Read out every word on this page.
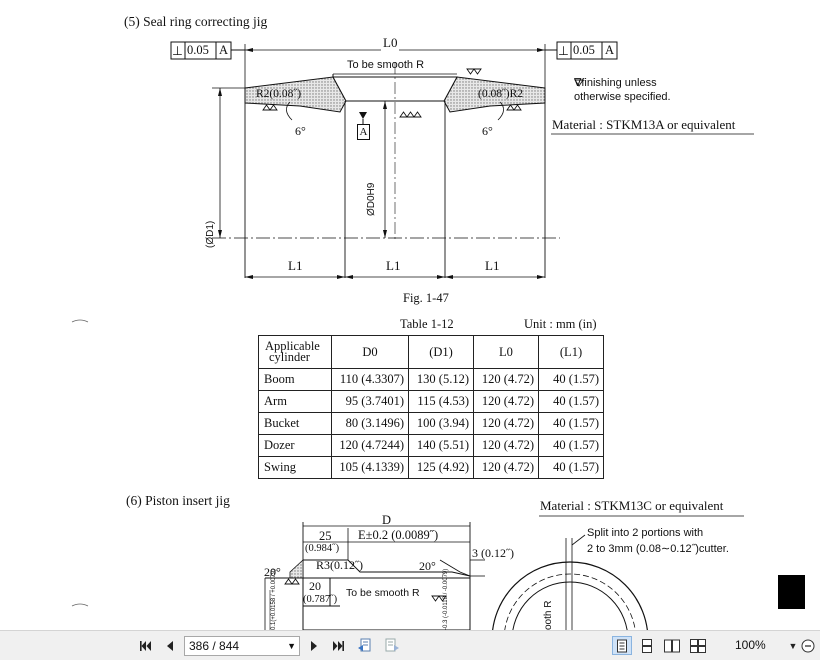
(5) Seal ring correcting jig
⊥ 0.05 A	⊥ 0.05 A
L0
To be smooth R
R2(0.08˝)	(0.08˝)R2
6°	6°
A
ØD0H9
(ØD1)
L1	L1	L1
∇finishing unless
otherwise specified.
Material : STKM13A or equivalent
Fig. 1-47
Table 1-12	Unit : mm (in)
Applicable
cylinder	D0	(D1)	L0	(L1)
Boom	110 (4.3307)	130 (5.12)	120 (4.72)	40 (1.57)
Arm	95 (3.7401)	115 (4.53)	120 (4.72)	40 (1.57)
Bucket	80 (3.1496)	100 (3.94)	120 (4.72)	40 (1.57)
Dozer	120 (4.7244)	140 (5.51)	120 (4.72)	40 (1.57)
Swing	105 (4.1339)	125 (4.92)	120 (4.72)	40 (1.57)
(6) Piston insert jig	Material : STKM13C or equivalent
D
25 E±0.2 (0.0089˝)
(0.984˝)
R3(0.12˝)
20°	20°
3 (0.12˝)
20
(0.787˝)
To be smooth R
Split into 2 portions with
2 to 3mm (0.08∼0.12˝)cutter.
0.1(+0.0158 / +0.0079)	-0.3 (-0.0118 / -0.0079)	ooth R
386 / 844	▼	100%	▼
